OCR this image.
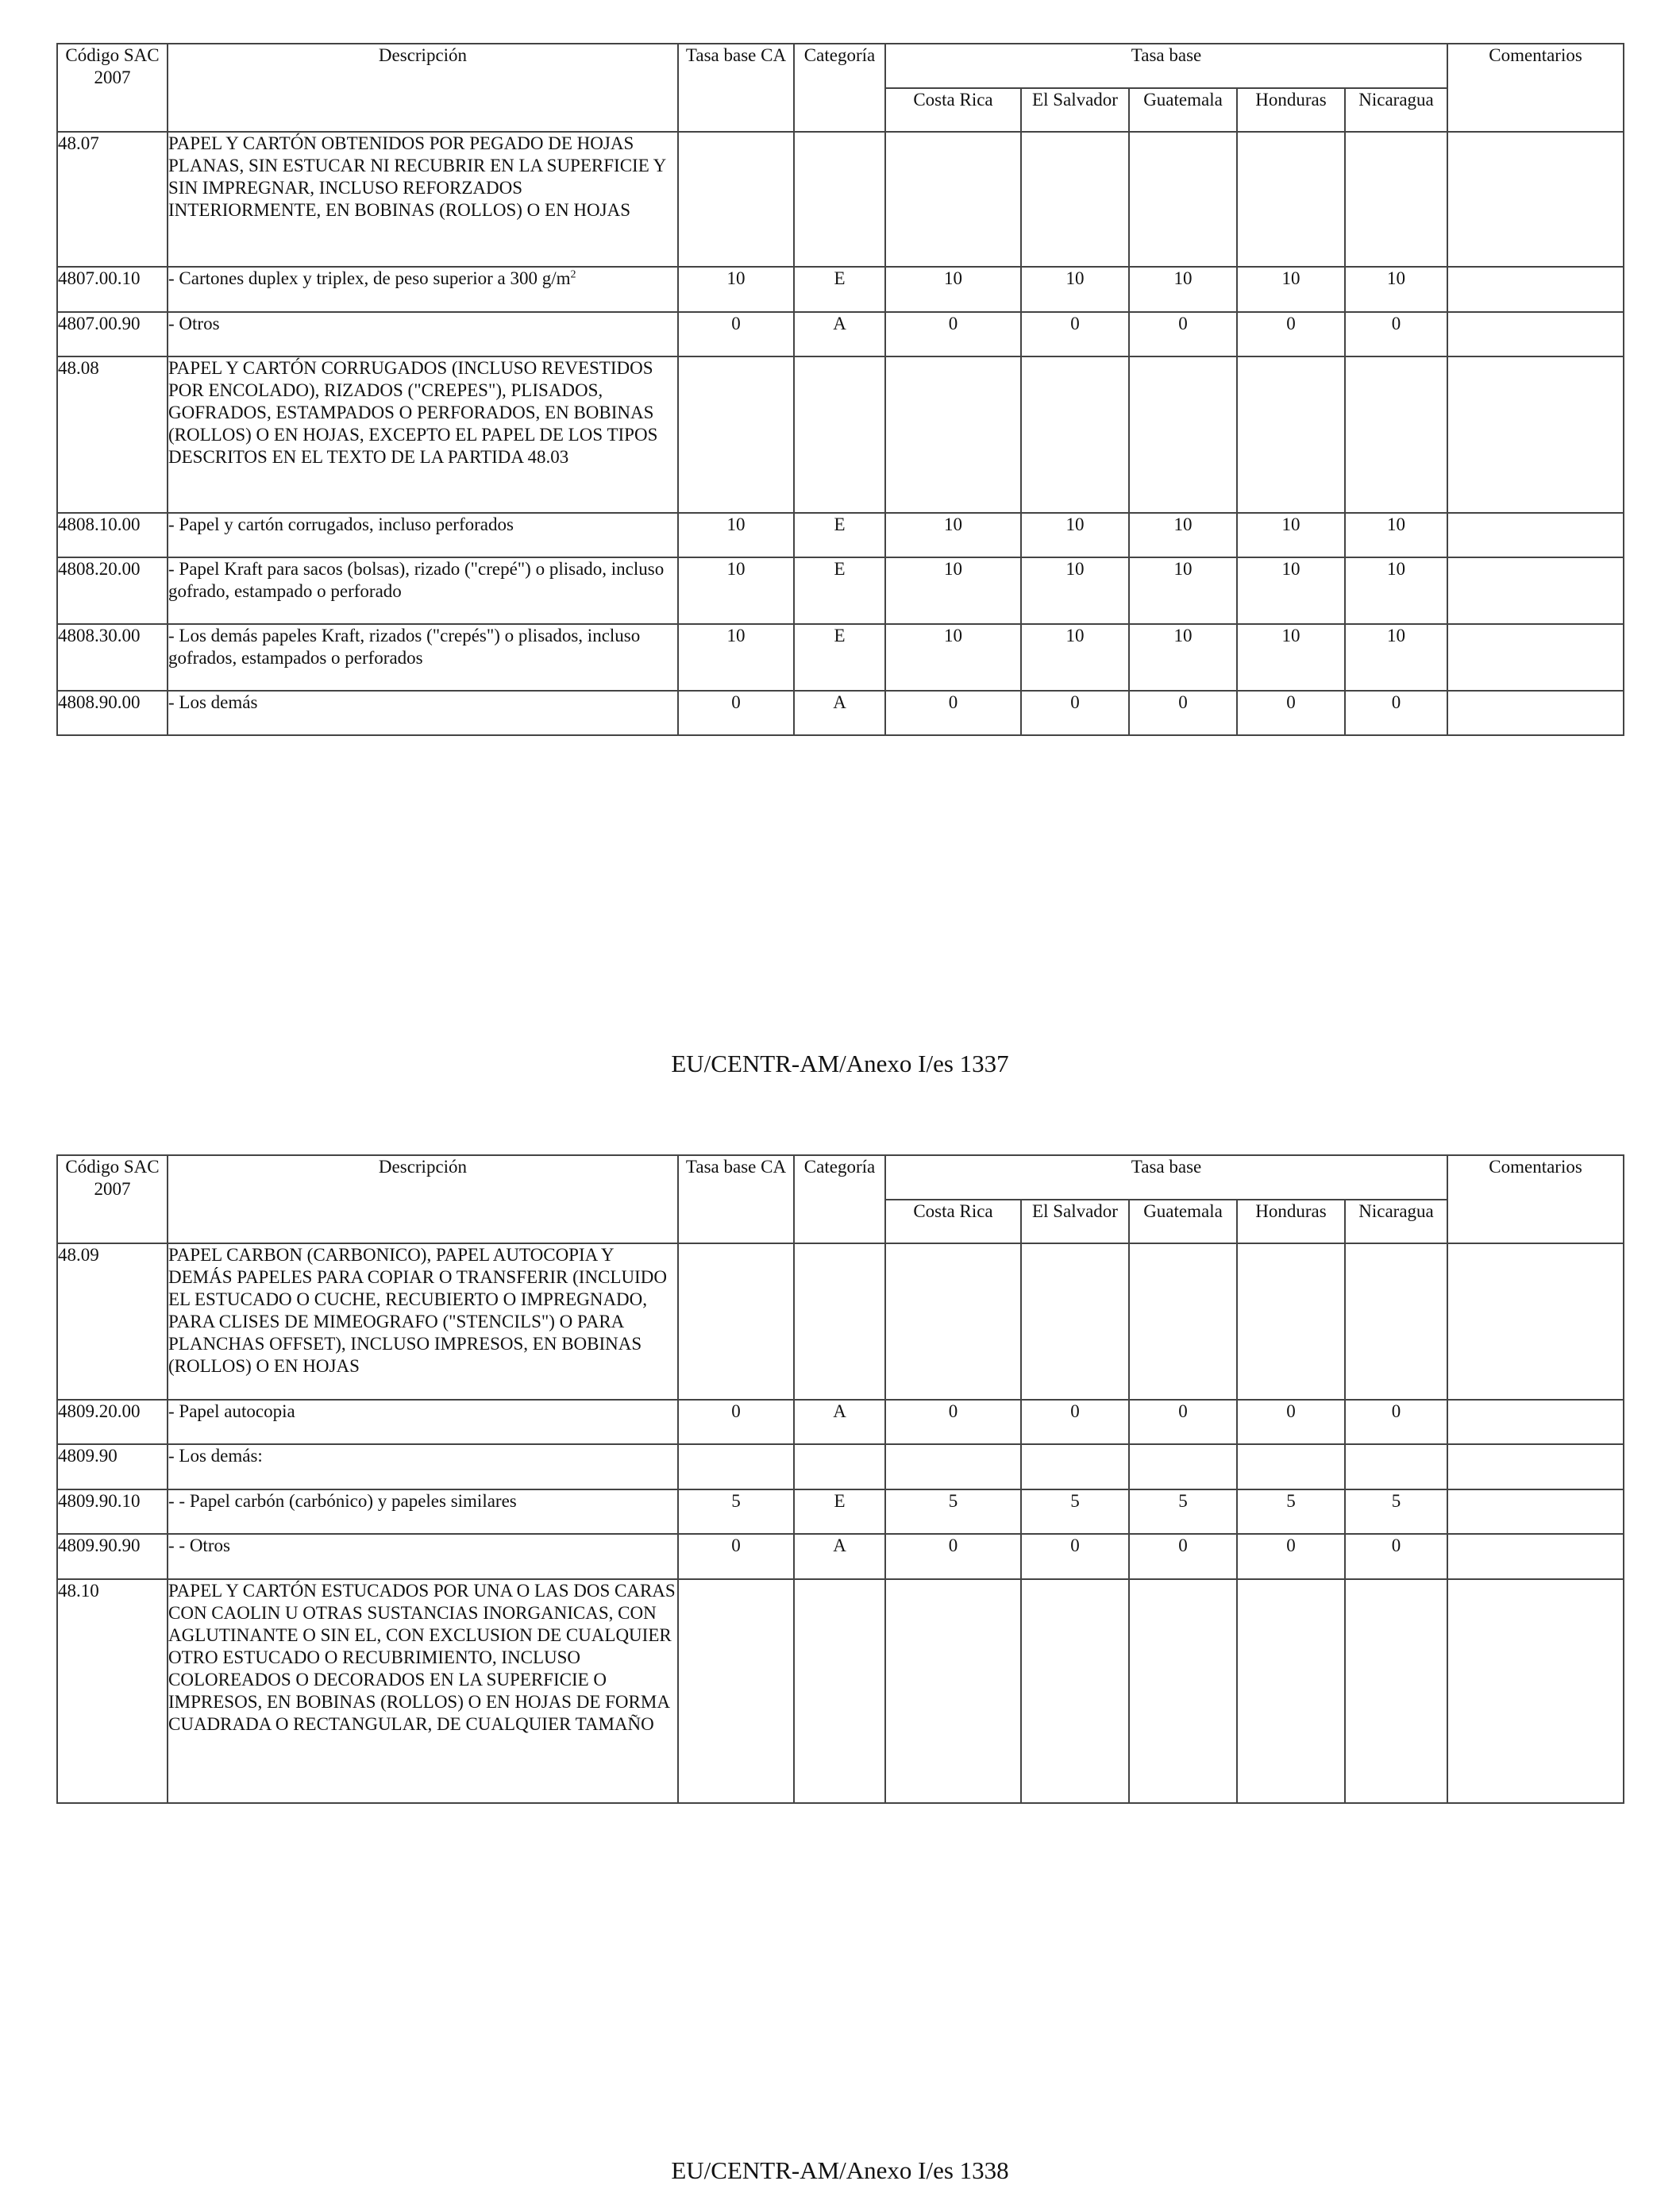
Código SAC 2007	Descripción	Tasa base CA	Categoría	Tasa base					Comentarios
				Costa Rica	El Salvador	Guatemala	Honduras	Nicaragua	
48.07	PAPEL Y CARTÓN OBTENIDOS POR PEGADO DE HOJAS PLANAS, SIN ESTUCAR NI RECUBRIR EN LA SUPERFICIE Y SIN IMPREGNAR, INCLUSO REFORZADOS INTERIORMENTE, EN BOBINAS (ROLLOS) O EN HOJAS								
4807.00.10	- Cartones duplex y triplex, de peso superior a 300 $g/m^2$	10	E	10	10	10	10	10	
4807.00.90	- Otros	0	A	0	0	0	0	0	
48.08	PAPEL Y CARTÓN CORRUGADOS (INCLUSO REVESTIDOS POR ENCOLADO), RIZADOS ("CREPES"), PLISADOS, GOFRADOS, ESTAMPADOS O PERFORADOS, EN BOBINAS (ROLLOS) O EN HOJAS, EXCEPTO EL PAPEL DE LOS TIPOS DESCRITOS EN EL TEXTO DE LA PARTIDA 48.03								
4808.10.00	- Papel y cartón corrugados, incluso perforados	10	E	10	10	10	10	10	
4808.20.00	- Papel Kraft para sacos (bolsas), rizado ("crepé") o plisado, incluso gofrado, estampado o perforado	10	E	10	10	10	10	10	
4808.30.00	- Los demás papeles Kraft, rizados ("crepés") o plisados, incluso gofrados, estampados o perforados	10	E	10	10	10	10	10	
4808.90.00	- Los demás	0	A	0	0	0	0	0	
EU/CENTR-AM/Anexo I/es 1337
Código SAC 2007	Descripción	Tasa base CA	Categoría	Tasa base					Comentarios
				Costa Rica	El Salvador	Guatemala	Honduras	Nicaragua	
48.09	PAPEL CARBON (CARBONICO), PAPEL AUTOCOPIA Y DEMÁS PAPELES PARA COPIAR O TRANSFERIR (INCLUIDO EL ESTUCADO O CUCHE, RECUBIERTO O IMPREGNADO, PARA CLISES DE MIMEOGRAFO ("STENCILS") O PARA PLANCHAS OFFSET), INCLUSO IMPRESOS, EN BOBINAS (ROLLOS) O EN HOJAS								
4809.20.00	- Papel autocopia	0	A	0	0	0	0	0	
4809.90	- Los demás:								
4809.90.10	- - Papel carbón (carbónico) y papeles similares	5	E	5	5	5	5	5	
4809.90.90	- - Otros	0	A	0	0	0	0	0	
48.10	PAPEL Y CARTÓN ESTUCADOS POR UNA O LAS DOS CARAS CON CAOLIN U OTRAS SUSTANCIAS INORGANICAS, CON AGLUTINANTE O SIN EL, CON EXCLUSION DE CUALQUIER OTRO ESTUCADO O RECUBRIMIENTO, INCLUSO COLOREADOS O DECORADOS EN LA SUPERFICIE O IMPRESOS, EN BOBINAS (ROLLOS) O EN HOJAS DE FORMA CUADRADA O RECTANGULAR, DE CUALQUIER TAMAÑO								
EU/CENTR-AM/Anexo I/es 1338
